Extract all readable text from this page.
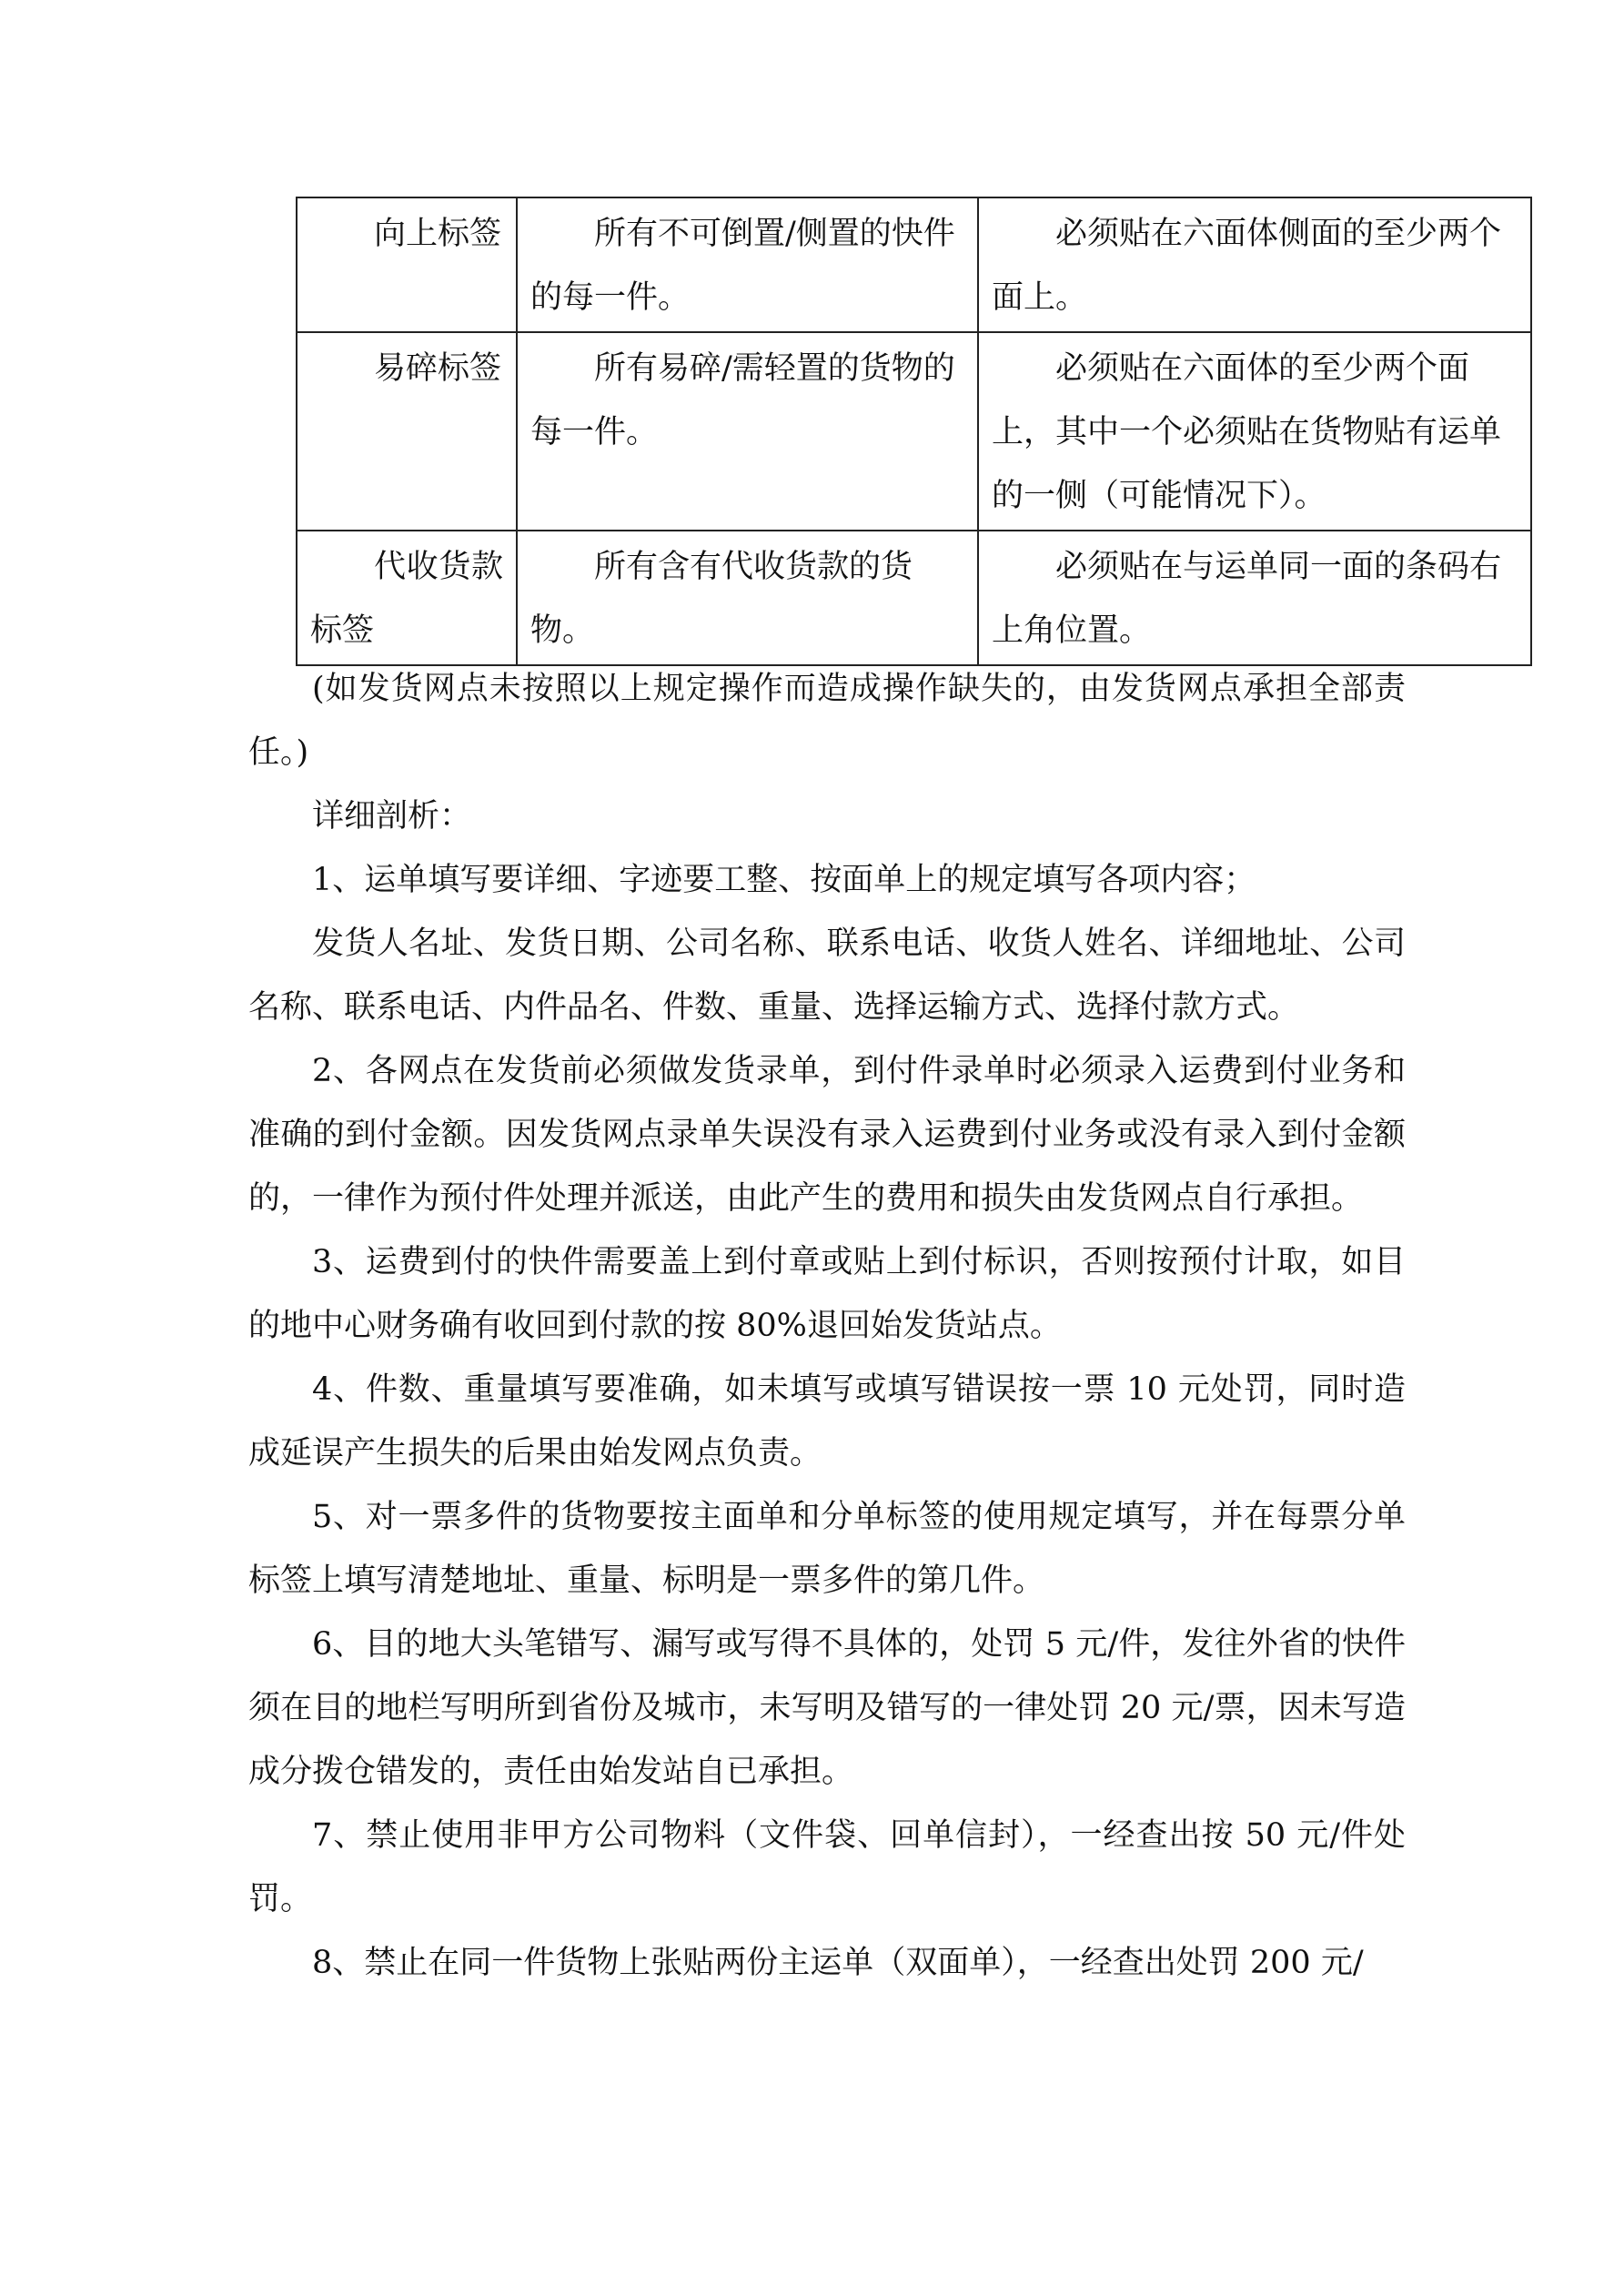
向上标签	所有不可倒置/侧置的快件的每一件。	必须贴在六面体侧面的至少两个面上。

易碎标签	所有易碎/需轻置的货物的每一件。	必须贴在六面体的至少两个面上，其中一个必须贴在货物贴有运单的一侧（可能情况下）。

代收货款标签	所有含有代收货款的货物。	必须贴在与运单同一面的条码右上角位置。

(如发货网点未按照以上规定操作而造成操作缺失的，由发货网点承担全部责任。)

详细剖析：

1、运单填写要详细、字迹要工整、按面单上的规定填写各项内容；

发货人名址、发货日期、公司名称、联系电话、收货人姓名、详细地址、公司名称、联系电话、内件品名、件数、重量、选择运输方式、选择付款方式。

2、各网点在发货前必须做发货录单，到付件录单时必须录入运费到付业务和准确的到付金额。因发货网点录单失误没有录入运费到付业务或没有录入到付金额的，一律作为预付件处理并派送，由此产生的费用和损失由发货网点自行承担。

3、运费到付的快件需要盖上到付章或贴上到付标识，否则按预付计取，如目的地中心财务确有收回到付款的按 80%退回始发货站点。

4、件数、重量填写要准确，如未填写或填写错误按一票 10 元处罚，同时造成延误产生损失的后果由始发网点负责。

5、对一票多件的货物要按主面单和分单标签的使用规定填写，并在每票分单标签上填写清楚地址、重量、标明是一票多件的第几件。

6、目的地大头笔错写、漏写或写得不具体的，处罚 5 元/件，发往外省的快件须在目的地栏写明所到省份及城市，未写明及错写的一律处罚 20 元/票，因未写造成分拨仓错发的，责任由始发站自已承担。

7、禁止使用非甲方公司物料（文件袋、回单信封），一经查出按 50 元/件处罚。

8、禁止在同一件货物上张贴两份主运单（双面单），一经查出处罚 200 元/
